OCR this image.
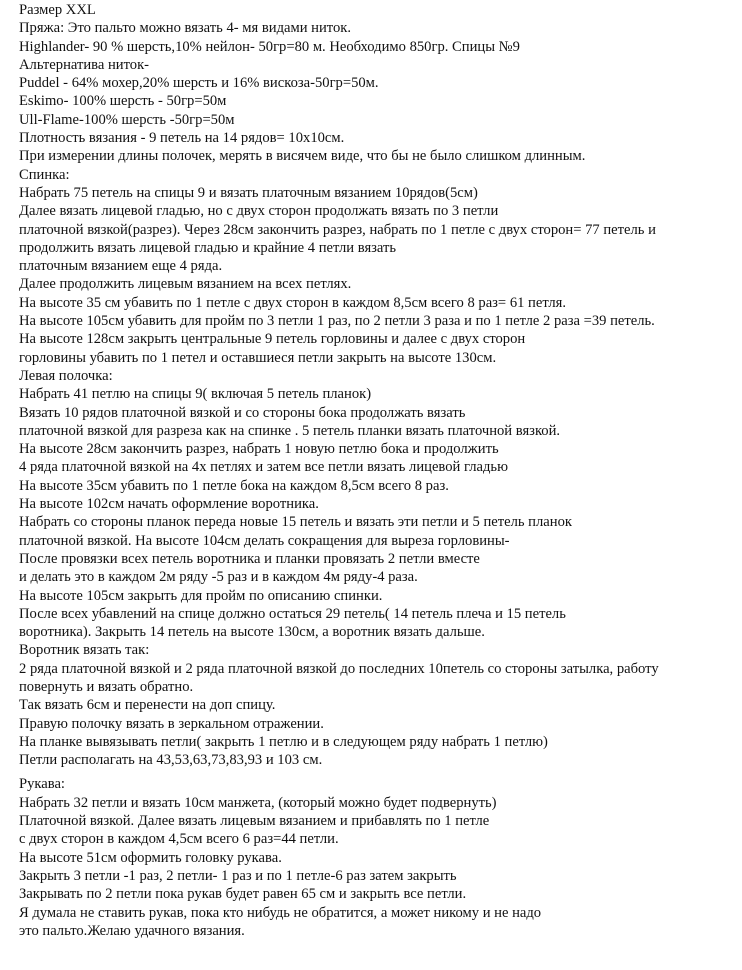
Размер XXL
Пряжа: Это пальто можно вязать 4- мя видами ниток.
Highlander- 90 % шерсть,10% нейлон- 50гр=80 м. Необходимо 850гр. Спицы №9
Альтернатива ниток-
Puddel - 64% мохер,20% шерсть и 16% вискоза-50гр=50м.
Eskimo- 100% шерсть - 50гр=50м
Ull-Flame-100% шерсть -50гр=50м
Плотность вязания - 9 петель на 14 рядов= 10х10см.
При измерении длины полочек, мерять в висячем виде, что бы не было слишком длинным.
Спинка:
Набрать 75 петель на спицы 9 и вязать платочным вязанием 10рядов(5см)
Далее вязать лицевой гладью, но с двух сторон продолжать вязать по 3 петли
платочной вязкой(разрез). Через 28см закончить разрез, набрать по 1 петле с двух сторон= 77 петель и
продолжить вязать лицевой гладью и крайние 4 петли вязать
платочным вязанием еще 4 ряда.
Далее продолжить лицевым вязанием на всех петлях.
На высоте 35 см убавить по 1 петле с двух сторон в каждом 8,5см всего 8 раз= 61 петля.
На высоте 105см убавить для пройм по 3 петли 1 раз, по 2 петли 3 раза и по 1 петле 2 раза =39 петель.
На высоте 128см закрыть центральные 9 петель горловины и далее с двух сторон
горловины убавить по 1 петел и оставшиеся петли закрыть на высоте 130см.
Левая полочка:
Набрать 41 петлю на спицы 9( включая 5 петель планок)
Вязать 10 рядов платочной вязкой и со стороны бока продолжать вязать
платочной вязкой для разреза как на спинке . 5 петель планки вязать платочной вязкой.
На высоте 28см закончить разрез, набрать 1 новую петлю бока и продолжить
4 ряда платочной вязкой на 4х петлях и затем все петли вязать лицевой гладью
На высоте 35см убавить по 1 петле бока на каждом 8,5см всего 8 раз.
На высоте 102см начать оформление воротника.
Набрать со стороны планок переда новые 15 петель и вязать эти петли и 5 петель планок
платочной вязкой. На высоте 104см делать сокращения для выреза горловины-
После провязки всех петель воротника и планки провязать 2 петли вместе
и делать это в каждом 2м ряду -5 раз и в каждом 4м ряду-4 раза.
На высоте 105см закрыть для пройм по описанию спинки.
После всех убавлений на спице должно остаться 29 петель( 14 петель плеча и 15 петель
воротника). Закрыть 14 петель на высоте 130см, а воротник вязать дальше.
Воротник вязать так:
2 ряда платочной вязкой и 2 ряда платочной вязкой до последних 10петель со стороны затылка, работу
повернуть и вязать обратно.
Так вязать 6см и перенести на доп спицу.
Правую полочку вязать в зеркальном отражении.
На планке вывязывать петли( закрыть 1 петлю и в следующем ряду набрать 1 петлю)
Петли располагать на 43,53,63,73,83,93 и 103 см.
Рукава:
Набрать 32 петли и вязать 10см манжета, (который можно будет подвернуть)
Платочной вязкой. Далее вязать лицевым вязанием и прибавлять по 1 петле
с двух сторон в каждом 4,5см всего 6 раз=44 петли.
На высоте 51см оформить головку рукава.
Закрыть 3 петли -1 раз, 2 петли- 1 раз и по 1 петле-6 раз затем закрыть
Закрывать по 2 петли пока рукав будет равен 65 см и закрыть все петли.
Я думала не ставить рукав, пока кто нибудь не обратится, а может никому и не надо
это пальто.Желаю удачного вязания.
